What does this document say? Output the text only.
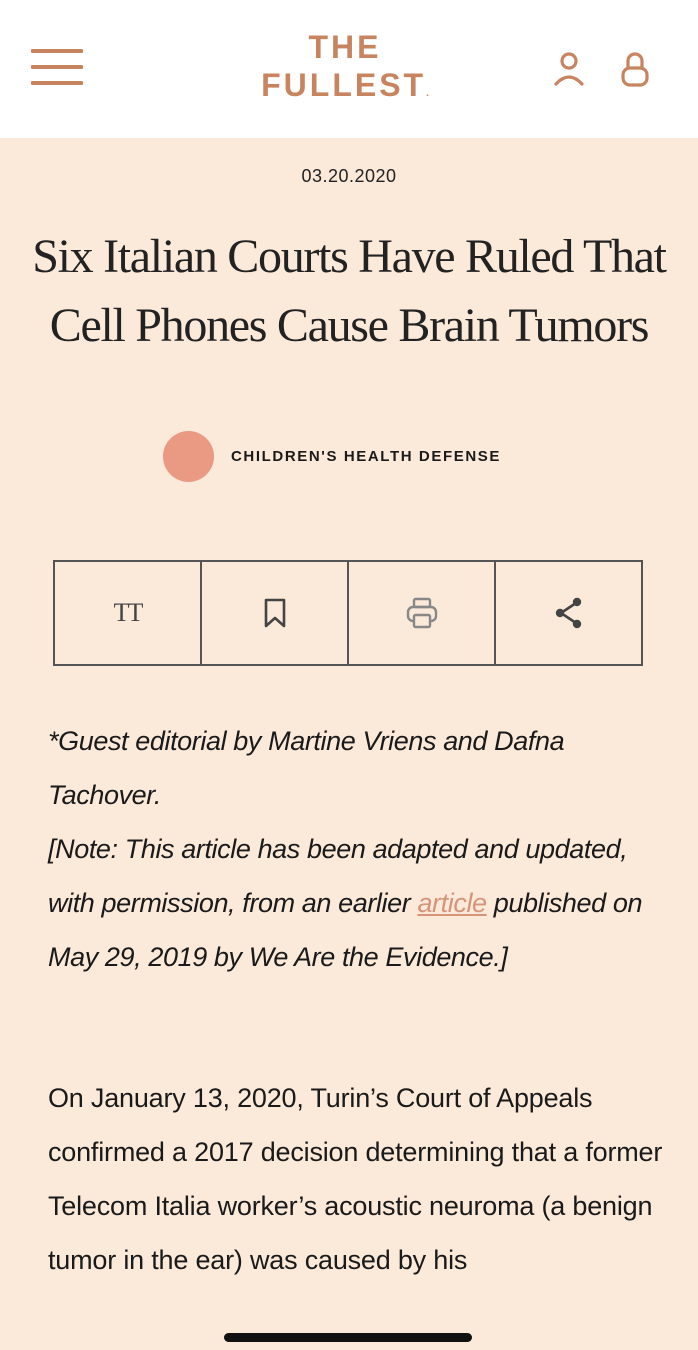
THE
FULLEST.
03.20.2020
Six Italian Courts Have Ruled That Cell Phones Cause Brain Tumors
CHILDREN'S HEALTH DEFENSE
TT

*Guest editorial by Martine Vriens and Dafna Tachover.

[Note: This article has been adapted and updated, with permission, from an earlier article published on May 29, 2019 by We Are the Evidence.]

On January 13, 2020, Turin’s Court of Appeals confirmed a 2017 decision determining that a former Telecom Italia worker’s acoustic neuroma (a benign tumor in the ear) was caused by his
